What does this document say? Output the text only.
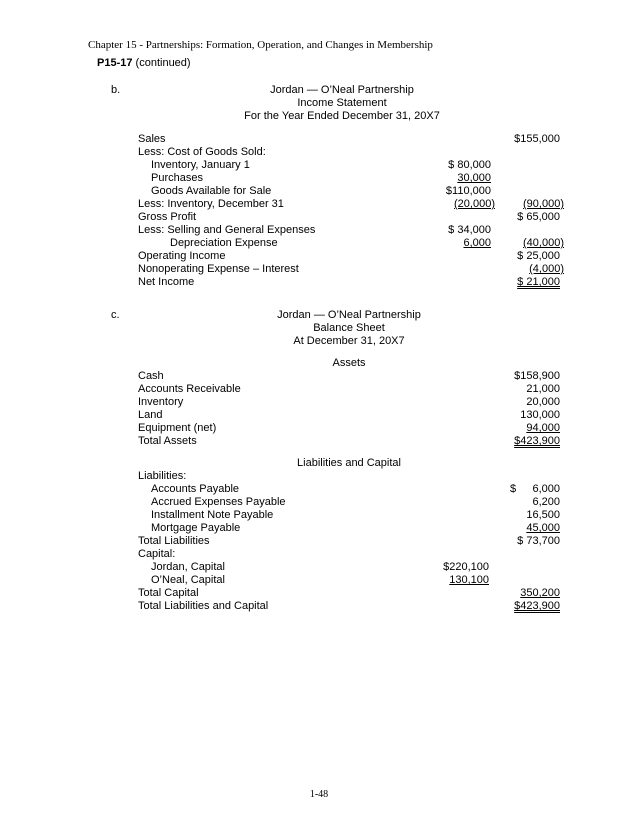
Chapter 15 - Partnerships: Formation, Operation, and Changes in Membership
P15-17 (continued)
b.	Jordan — O’Neal Partnership
Income Statement
For the Year Ended December 31, 20X7
Sales	$155,000
Less: Cost of Goods Sold:
Inventory, January 1	$ 80,000
Purchases	30,000
Goods Available for Sale	$110,000
Less: Inventory, December 31	(20,000)	(90,000)
Gross Profit	$ 65,000
Less: Selling and General Expenses	$ 34,000
Depreciation Expense	6,000	(40,000)
Operating Income	$ 25,000
Nonoperating Expense – Interest	(4,000)
Net Income	$ 21,000
c.	Jordan — O’Neal Partnership
Balance Sheet
At December 31, 20X7
Assets
Cash	$158,900
Accounts Receivable	21,000
Inventory	20,000
Land	130,000
Equipment (net)	94,000
Total Assets	$423,900
Liabilities and Capital
Liabilities:
Accounts Payable	$ 6,000
Accrued Expenses Payable	6,200
Installment Note Payable	16,500
Mortgage Payable	45,000
Total Liabilities	$ 73,700
Capital:
Jordan, Capital	$220,100
O’Neal, Capital	130,100
Total Capital	350,200
Total Liabilities and Capital	$423,900
1-48
